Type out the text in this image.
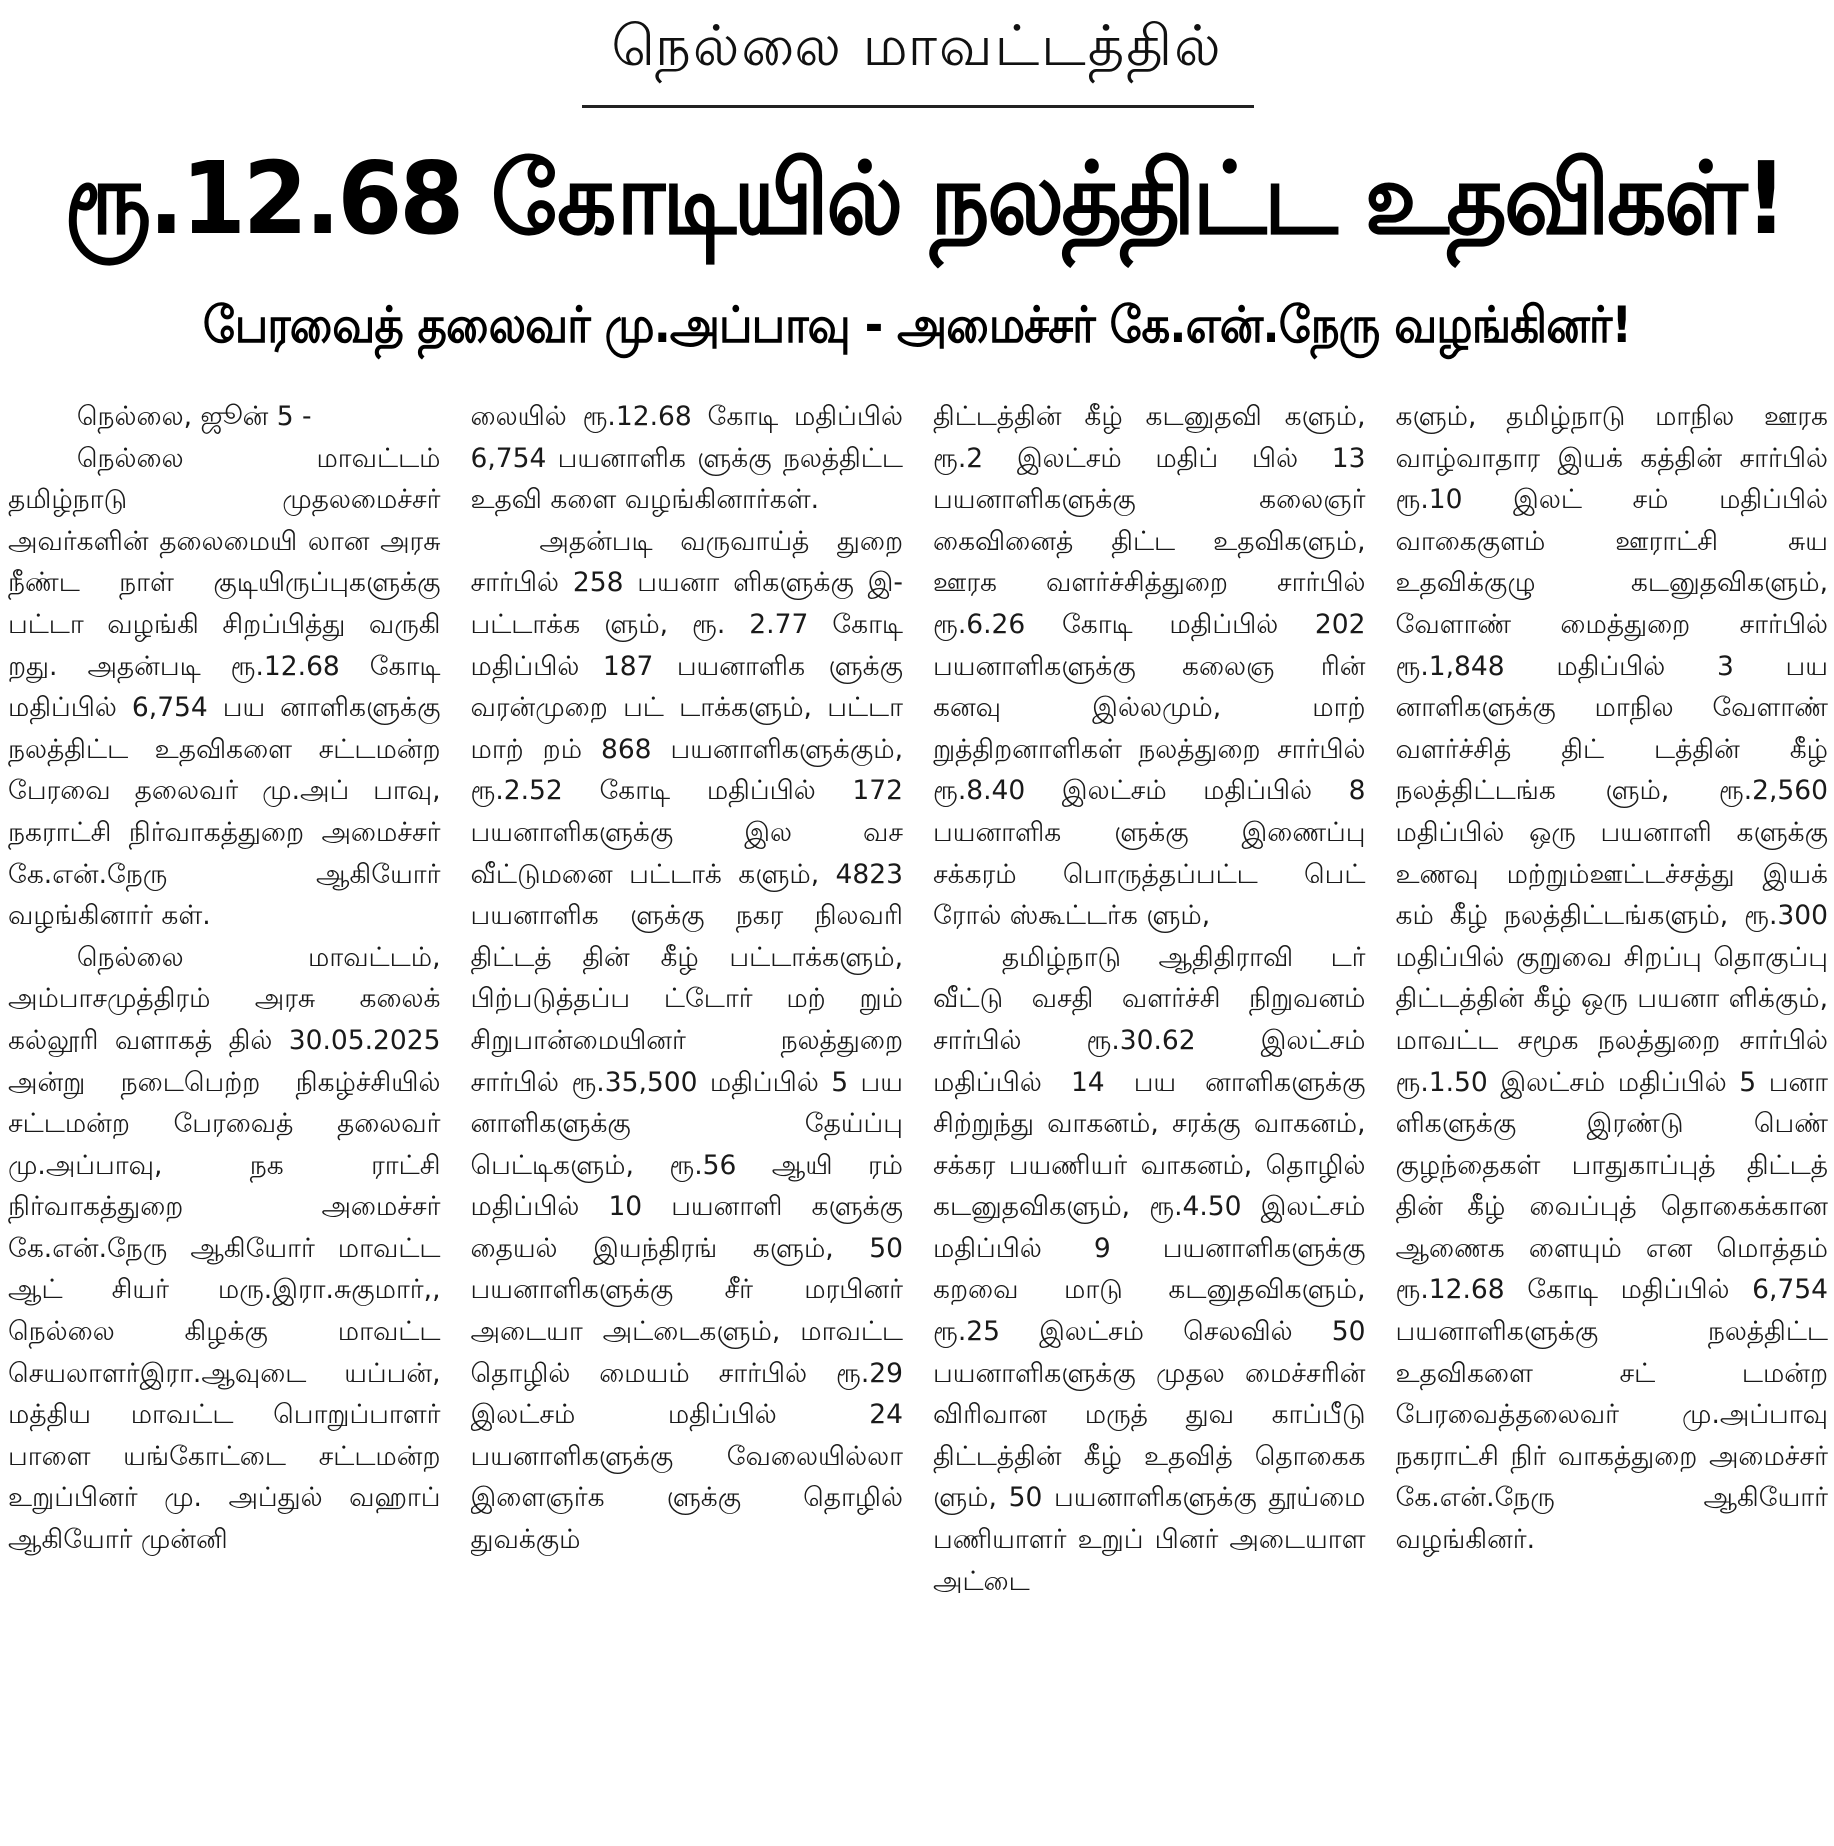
நெல்லை மாவட்டத்தில்
ரூ.12.68 கோடியில் நலத்திட்ட உதவிகள்!
பேரவைத் தலைவர் மு.அப்பாவு - அமைச்சர் கே.என்.நேரு வழங்கினர்!

நெல்லை, ஜூன் 5 -

நெல்லை மாவட்டம் தமிழ்நாடு முதலமைச்சர் அவர்களின் தலைமையி லான அரசு நீண்ட நாள் குடியிருப்புகளுக்கு பட்டா வழங்கி சிறப்பித்து வருகி றது. அதன்படி ரூ.12.68 கோடி மதிப்பில் 6,754 பய னாளிகளுக்கு நலத்திட்ட உதவிகளை சட்டமன்ற பேரவை தலைவர் மு.அப் பாவு, நகராட்சி நிர்வாகத்துறை அமைச்சர் கே.என்.நேரு ஆகியோர் வழங்கினார் கள்.

நெல்லை மாவட்டம், அம்பாசமுத்திரம் அரசு கலைக் கல்லூரி வளாகத் தில் 30.05.2025 அன்று நடைபெற்ற நிகழ்ச்சியில் சட்டமன்ற பேரவைத் தலைவர் மு.அப்பாவு, நக ராட்சி நிர்வாகத்துறை அமைச்சர் கே.என்.நேரு ஆகியோர் மாவட்ட ஆட் சியர் மரு.இரா.சுகுமார்,, நெல்லை கிழக்கு மாவட்ட செயலாளர்இரா.ஆவுடை யப்பன், மத்திய மாவட்ட பொறுப்பாளர் பாளை யங்கோட்டை சட்டமன்ற உறுப்பினர் மு. அப்துல் வஹாப் ஆகியோர் முன்னி

லையில் ரூ.12.68 கோடி மதிப்பில் 6,754 பயனாளிக ளுக்கு நலத்திட்ட உதவி களை வழங்கினார்கள்.

அதன்படி வருவாய்த் துறை சார்பில் 258 பயனா ளிகளுக்கு இ-பட்டாக்க ளும், ரூ. 2.77 கோடி மதிப்பில் 187 பயனாளிக ளுக்கு வரன்முறை பட் டாக்களும், பட்டா மாற் றம் 868 பயனாளிகளுக்கும், ரூ.2.52 கோடி மதிப்பில் 172 பயனாளிகளுக்கு இல வச வீட்டுமனை பட்டாக் களும், 4823 பயனாளிக ளுக்கு நகர நிலவரி திட்டத் தின் கீழ் பட்டாக்களும், பிற்படுத்தப்ப ட்டோர் மற் றும் சிறுபான்மையினர் நலத்துறை சார்பில் ரூ.35,500 மதிப்பில் 5 பய னாளிகளுக்கு தேய்ப்பு பெட்டிகளும், ரூ.56 ஆயி ரம் மதிப்பில் 10 பயனாளி களுக்கு தையல் இயந்திரங் களும், 50 பயனாளிகளுக்கு சீர் மரபினர் அடையா அட்டைகளும், மாவட்ட தொழில் மையம் சார்பில் ரூ.29 இலட்சம் மதிப்பில் 24 பயனாளிகளுக்கு வேலையில்லா இளைஞர்க ளுக்கு தொழில் துவக்கும்

திட்டத்தின் கீழ் கடனுதவி களும், ரூ.2 இலட்சம் மதிப் பில் 13 பயனாளிகளுக்கு கலைஞர் கைவினைத் திட்ட உதவிகளும், ஊரக வளர்ச்சித்துறை சார்பில் ரூ.6.26 கோடி மதிப்பில் 202 பயனாளிகளுக்கு கலைஞ ரின் கனவு இல்லமும், மாற் றுத்திறனாளிகள் நலத்துறை சார்பில் ரூ.8.40 இலட்சம் மதிப்பில் 8 பயனாளிக ளுக்கு இணைப்பு சக்கரம் பொருத்தப்பட்ட பெட் ரோல் ஸ்கூட்டர்க ளும்,

தமிழ்நாடு ஆதிதிராவி டர் வீட்டு வசதி வளர்ச்சி நிறுவனம் சார்பில் ரூ.30.62 இலட்சம் மதிப்பில் 14 பய னாளிகளுக்கு சிற்றுந்து வாகனம், சரக்கு வாகனம், சக்கர பயணியர் வாகனம், தொழில் கடனுதவிகளும், ரூ.4.50 இலட்சம் மதிப்பில் 9 பயனாளிகளுக்கு கறவை மாடு கடனுதவிகளும், ரூ.25 இலட்சம் செலவில் 50 பயனாளிகளுக்கு முதல மைச்சரின் விரிவான மருத் துவ காப்பீடு திட்டத்தின் கீழ் உதவித் தொகைக ளும், 50 பயனாளிகளுக்கு தூய்மை பணியாளர் உறுப் பினர் அடையாள அட்டை

களும், தமிழ்நாடு மாநில ஊரக வாழ்வாதார இயக் கத்தின் சார்பில் ரூ.10 இலட் சம் மதிப்பில் வாகைகுளம் ஊராட்சி சுய உதவிக்குழு கடனுதவிகளும், வேளாண் மைத்துறை சார்பில் ரூ.1,848 மதிப்பில் 3 பய னாளிகளுக்கு மாநில வேளாண் வளர்ச்சித் திட் டத்தின் கீழ் நலத்திட்டங்க ளும், ரூ.2,560 மதிப்பில் ஒரு பயனாளி களுக்கு உணவு மற்றும்ஊட்டச்சத்து இயக் கம் கீழ் நலத்திட்டங்களும், ரூ.300 மதிப்பில் குறுவை சிறப்பு தொகுப்பு திட்டத்தின் கீழ் ஒரு பயனா ளிக்கும், மாவட்ட சமூக நலத்துறை சார்பில் ரூ.1.50 இலட்சம் மதிப்பில் 5 பனா ளிகளுக்கு இரண்டு பெண் குழந்தைகள் பாதுகாப்புத் திட்டத் தின் கீழ் வைப்புத் தொகைக்கான ஆணைக ளையும் என மொத்தம் ரூ.12.68 கோடி மதிப்பில் 6,754 பயனாளிகளுக்கு நலத்திட்ட உதவிகளை சட் டமன்ற பேரவைத்தலைவர் மு.அப்பாவு நகராட்சி நிர் வாகத்துறை அமைச்சர் கே.என்.நேரு ஆகியோர் வழங்கினர்.
